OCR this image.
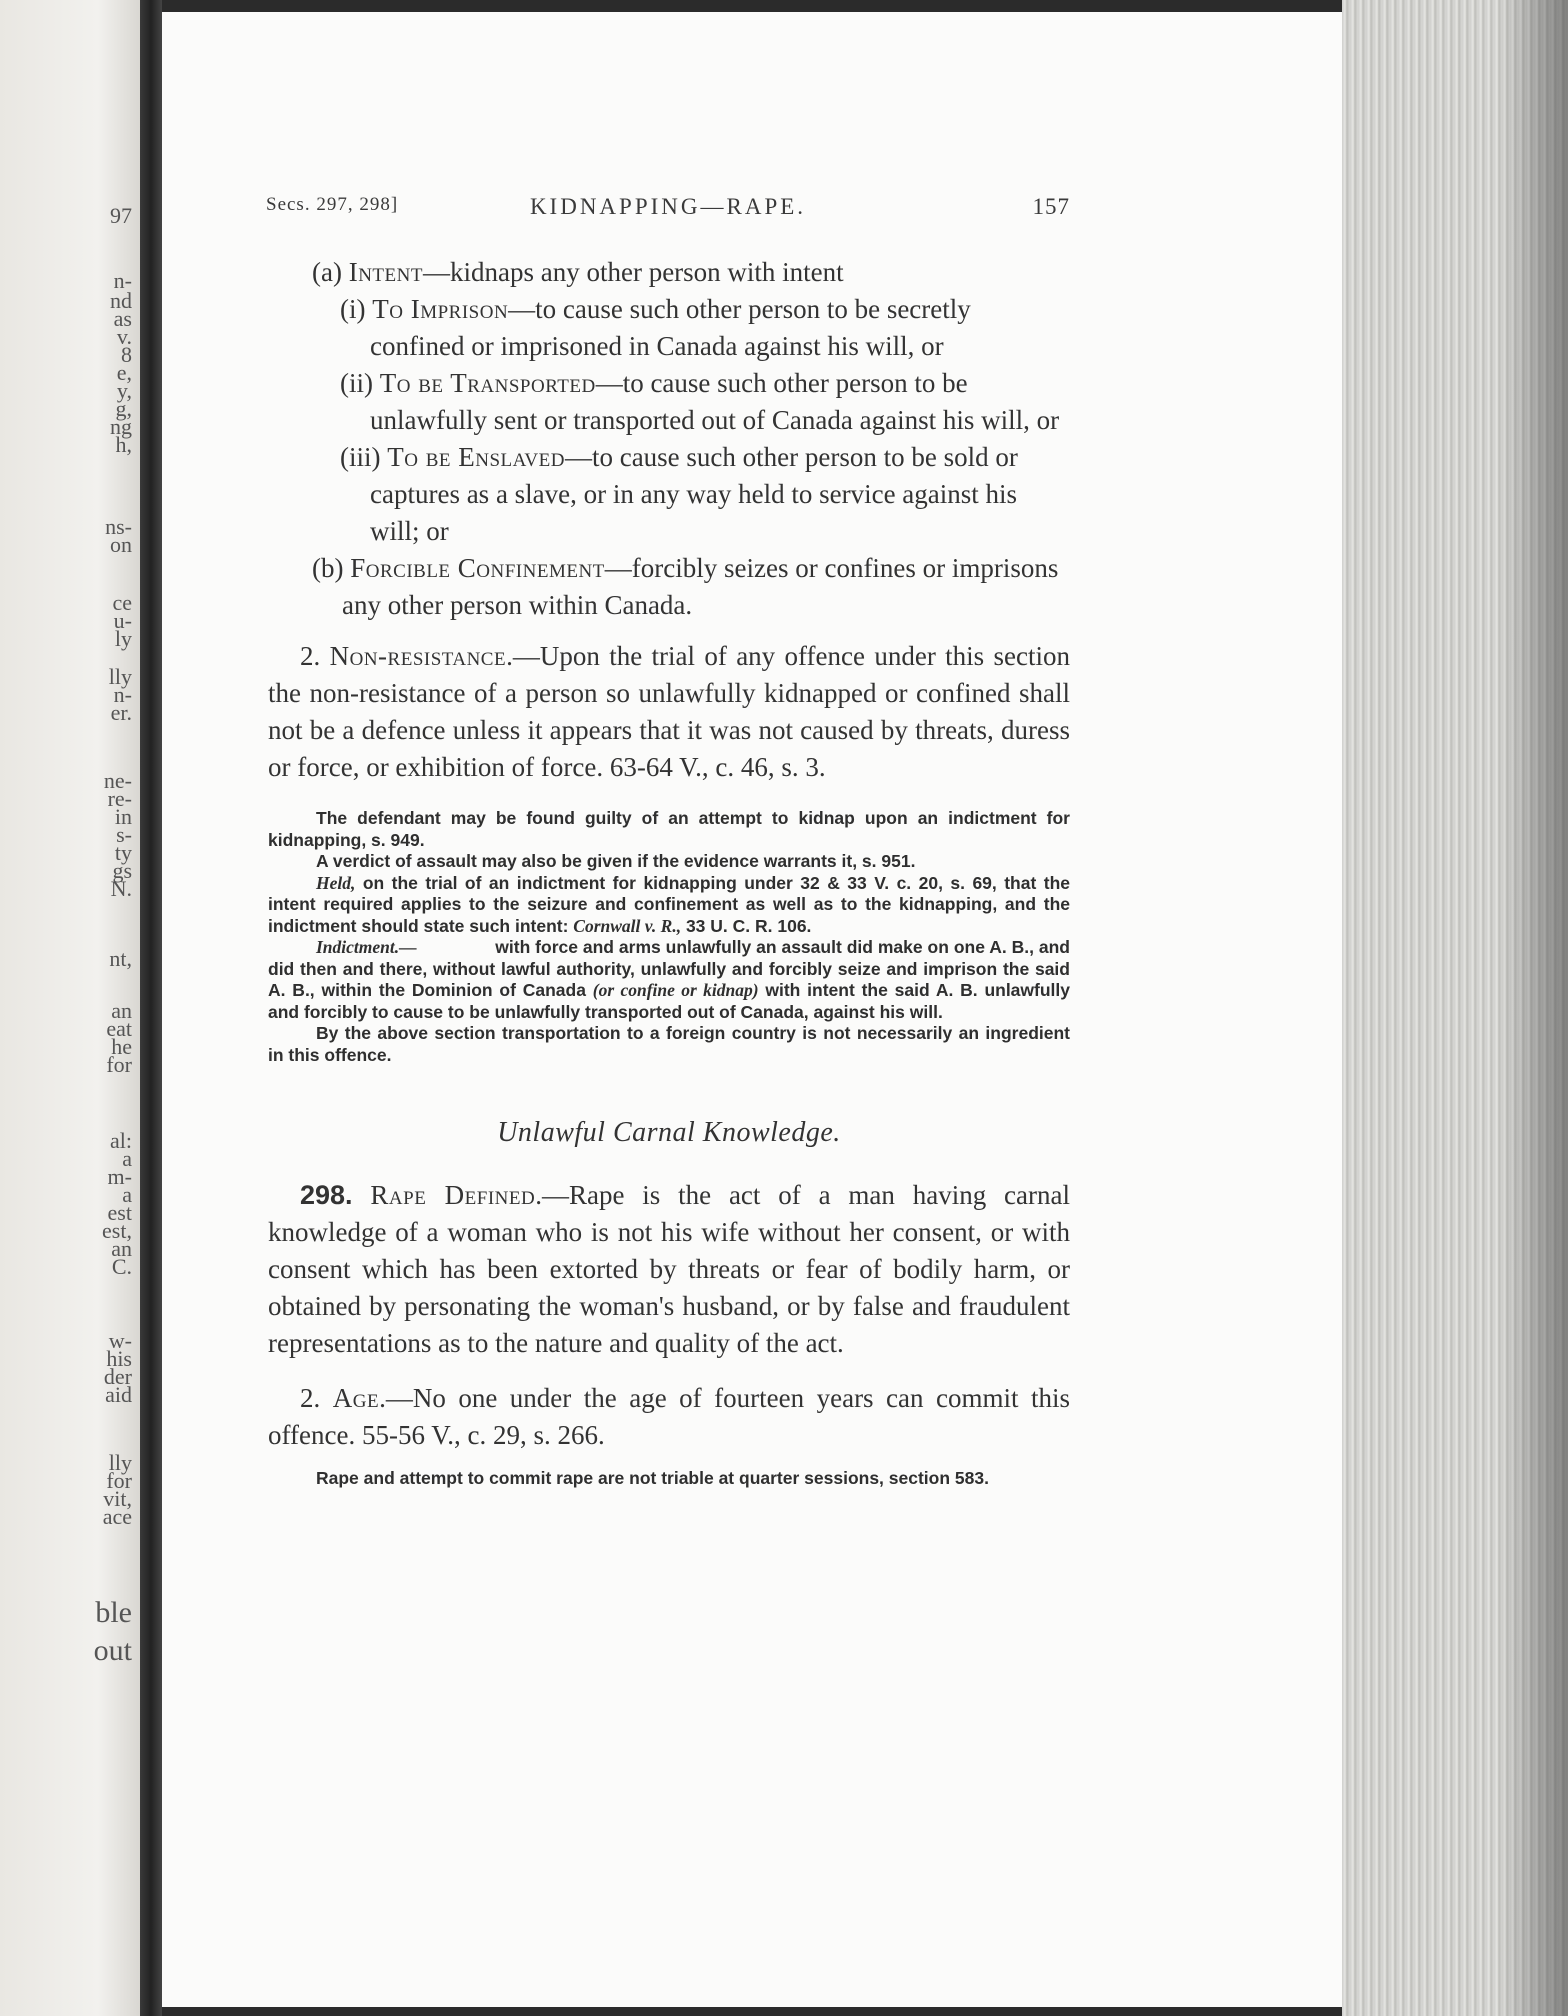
97
n-
nd
as
v.
8
e,
y,
g,
ng
h,
ns-
on
ce
u-
ly
lly
n-
er.
ne-
re-
in
s-
ty
gs
N.
nt,
an
eat
he
for
al:
a
m-
a
est
est,
an
C.
w-
his
der
aid
lly
for
vit,
ace
ble
out
Secs. 297, 298]	KIDNAPPING—RAPE.	157

(a) Intent—kidnaps any other person with intent

(i) To Imprison—to cause such other person to be secretly confined or imprisoned in Canada against his will, or

(ii) To be Transported—to cause such other person to be unlawfully sent or transported out of Canada against his will, or

(iii) To be Enslaved—to cause such other person to be sold or captures as a slave, or in any way held to service against his will; or

(b) Forcible Confinement—forcibly seizes or confines or imprisons any other person within Canada.

2. Non-resistance.—Upon the trial of any offence under this section the non-resistance of a person so unlawfully kidnapped or confined shall not be a defence unless it appears that it was not caused by threats, duress or force, or exhibition of force. 63-64 V., c. 46, s. 3.

The defendant may be found guilty of an attempt to kidnap upon an indictment for kidnapping, s. 949.

A verdict of assault may also be given if the evidence warrants it, s. 951.

Held, on the trial of an indictment for kidnapping under 32 & 33 V. c. 20, s. 69, that the intent required applies to the seizure and confinement as well as to the kidnapping, and the indictment should state such intent: Cornwall v. R., 33 U. C. R. 106.

Indictment.—                with force and arms unlawfully an assault did make on one A. B., and did then and there, without lawful authority, unlawfully and forcibly seize and imprison the said A. B., within the Dominion of Canada (or confine or kidnap) with intent the said A. B. unlawfully and forcibly to cause to be unlawfully transported out of Canada, against his will.

By the above section transportation to a foreign country is not necessarily an ingredient in this offence.

Unlawful Carnal Knowledge.

298. Rape Defined.—Rape is the act of a man having carnal knowledge of a woman who is not his wife without her consent, or with consent which has been extorted by threats or fear of bodily harm, or obtained by personating the woman's husband, or by false and fraudulent representations as to the nature and quality of the act.

2. Age.—No one under the age of fourteen years can commit this offence. 55-56 V., c. 29, s. 266.

Rape and attempt to commit rape are not triable at quarter sessions, section 583.
